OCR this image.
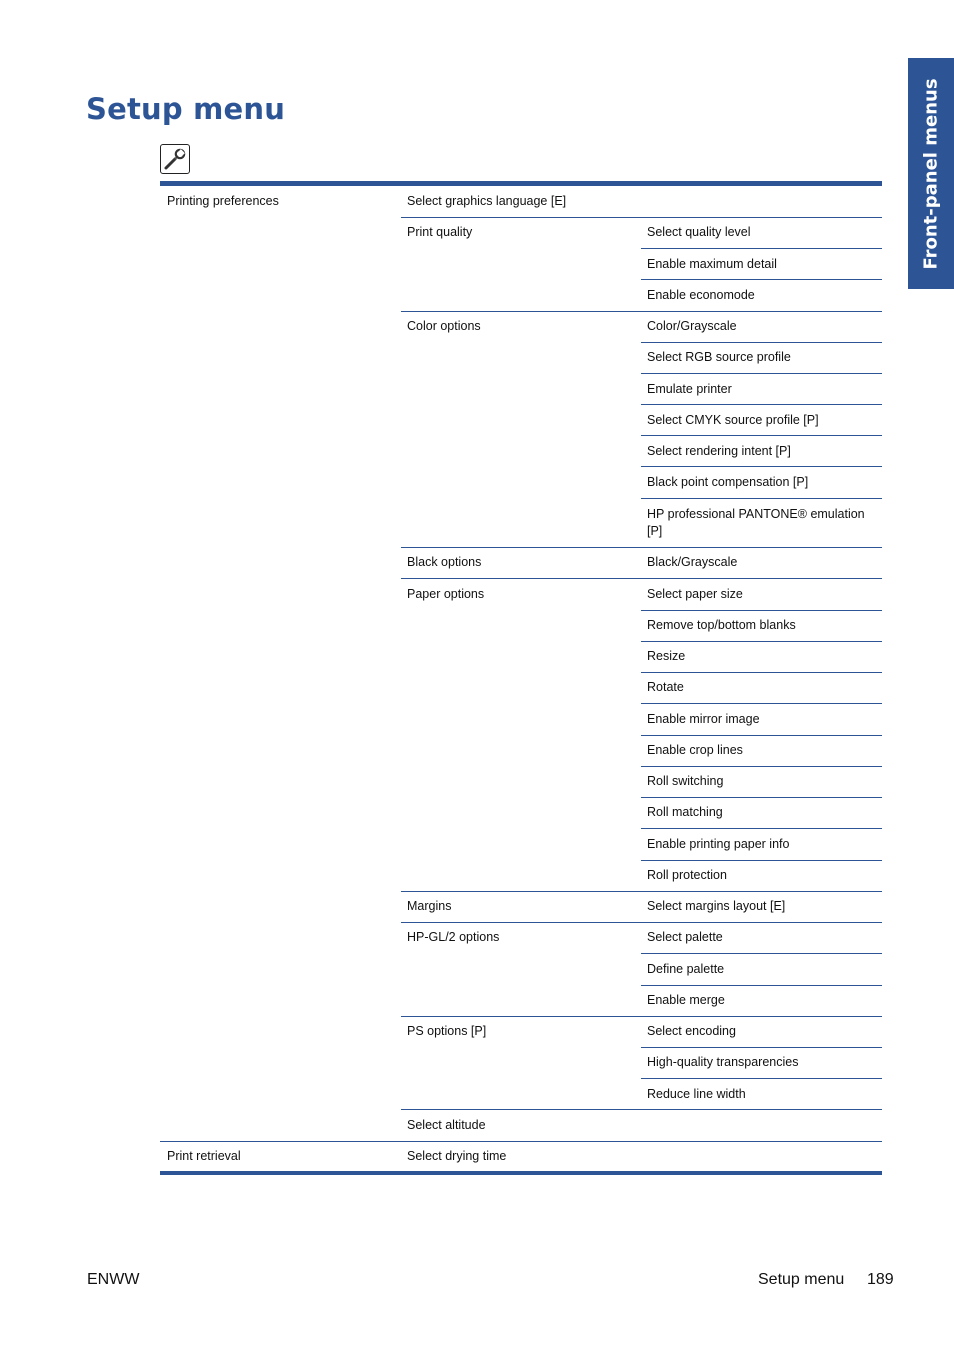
Setup menu	Front-panel menus
Printing preferences
Print retrieval
Select graphics language [E]
Print quality
Color options
Black options
Paper options
Margins
HP-GL/2 options
PS options [P]
Select altitude
Select drying time
Select quality level
Enable maximum detail
Enable economode
Color/Grayscale
Select RGB source profile
Emulate printer
Select CMYK source profile [P]
Select rendering intent [P]
Black point compensation [P]
HP professional PANTONE® emulation [P]
Black/Grayscale
Select paper size
Remove top/bottom blanks
Resize
Rotate
Enable mirror image
Enable crop lines
Roll switching
Roll matching
Enable printing paper info
Roll protection
Select margins layout [E]
Select palette
Define palette
Enable merge
Select encoding
High-quality transparencies
Reduce line width
ENWW	Setup menu 189
